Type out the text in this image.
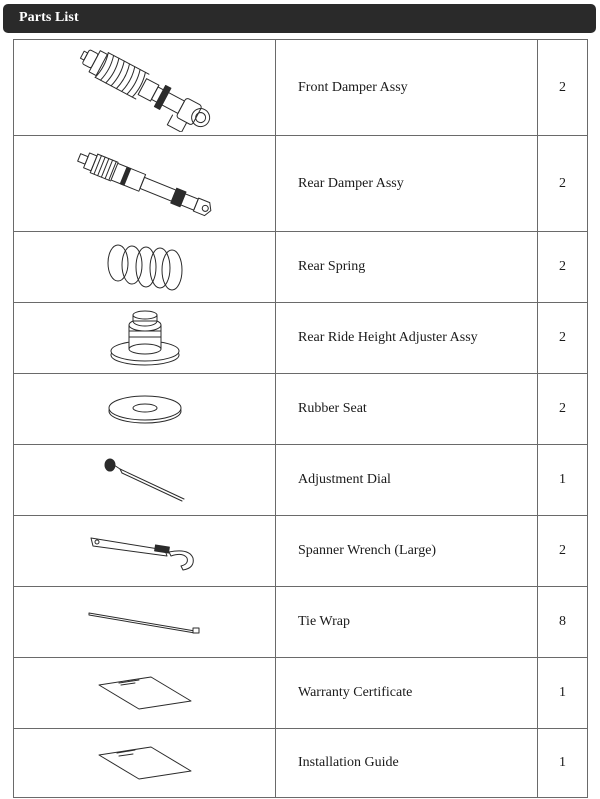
Parts List
	Front Damper Assy	2

	Rear Damper Assy	2

	Rear Spring	2

	Rear Ride Height Adjuster Assy	2

	Rubber Seat	2

	Adjustment Dial	1

	Spanner Wrench (Large)	2

	Tie Wrap	8

	Warranty Certificate	1

	Installation Guide	1
